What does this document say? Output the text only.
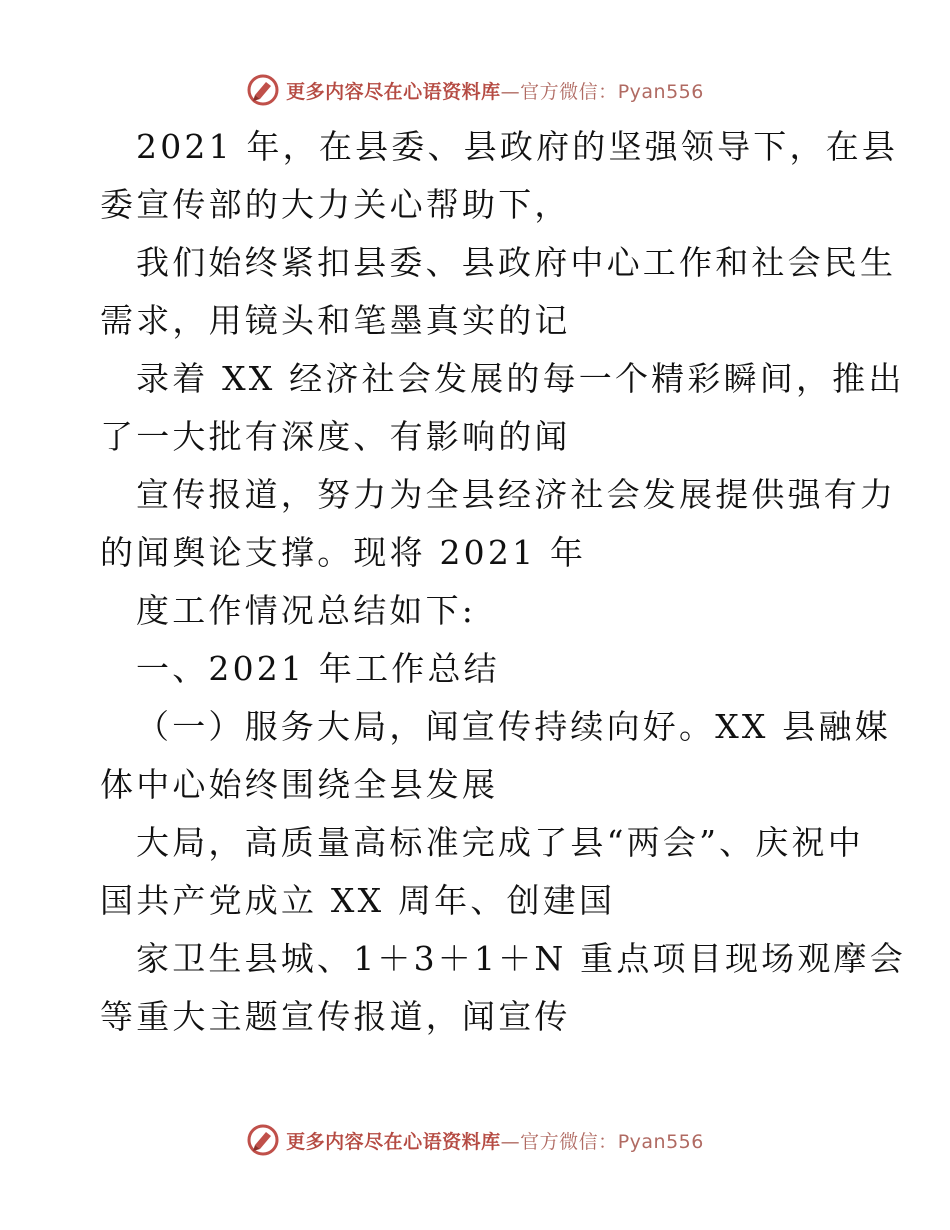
更多内容尽在心语资料库—官方微信：Pyan556
2021 年，在县委、县政府的坚强领导下，在县
委宣传部的大力关心帮助下，
我们始终紧扣县委、县政府中心工作和社会民生
需求，用镜头和笔墨真实的记
录着 XX 经济社会发展的每一个精彩瞬间，推出
了一大批有深度、有影响的闻
宣传报道，努力为全县经济社会发展提供强有力
的闻舆论支撑。现将 2021 年
度工作情况总结如下:
一、2021 年工作总结
（一）服务大局，闻宣传持续向好。XX 县融媒
体中心始终围绕全县发展
大局，高质量高标准完成了县“两会”、庆祝中
国共产党成立 XX 周年、创建国
家卫生县城、1＋3＋1＋N 重点项目现场观摩会
等重大主题宣传报道，闻宣传
更多内容尽在心语资料库—官方微信：Pyan556
